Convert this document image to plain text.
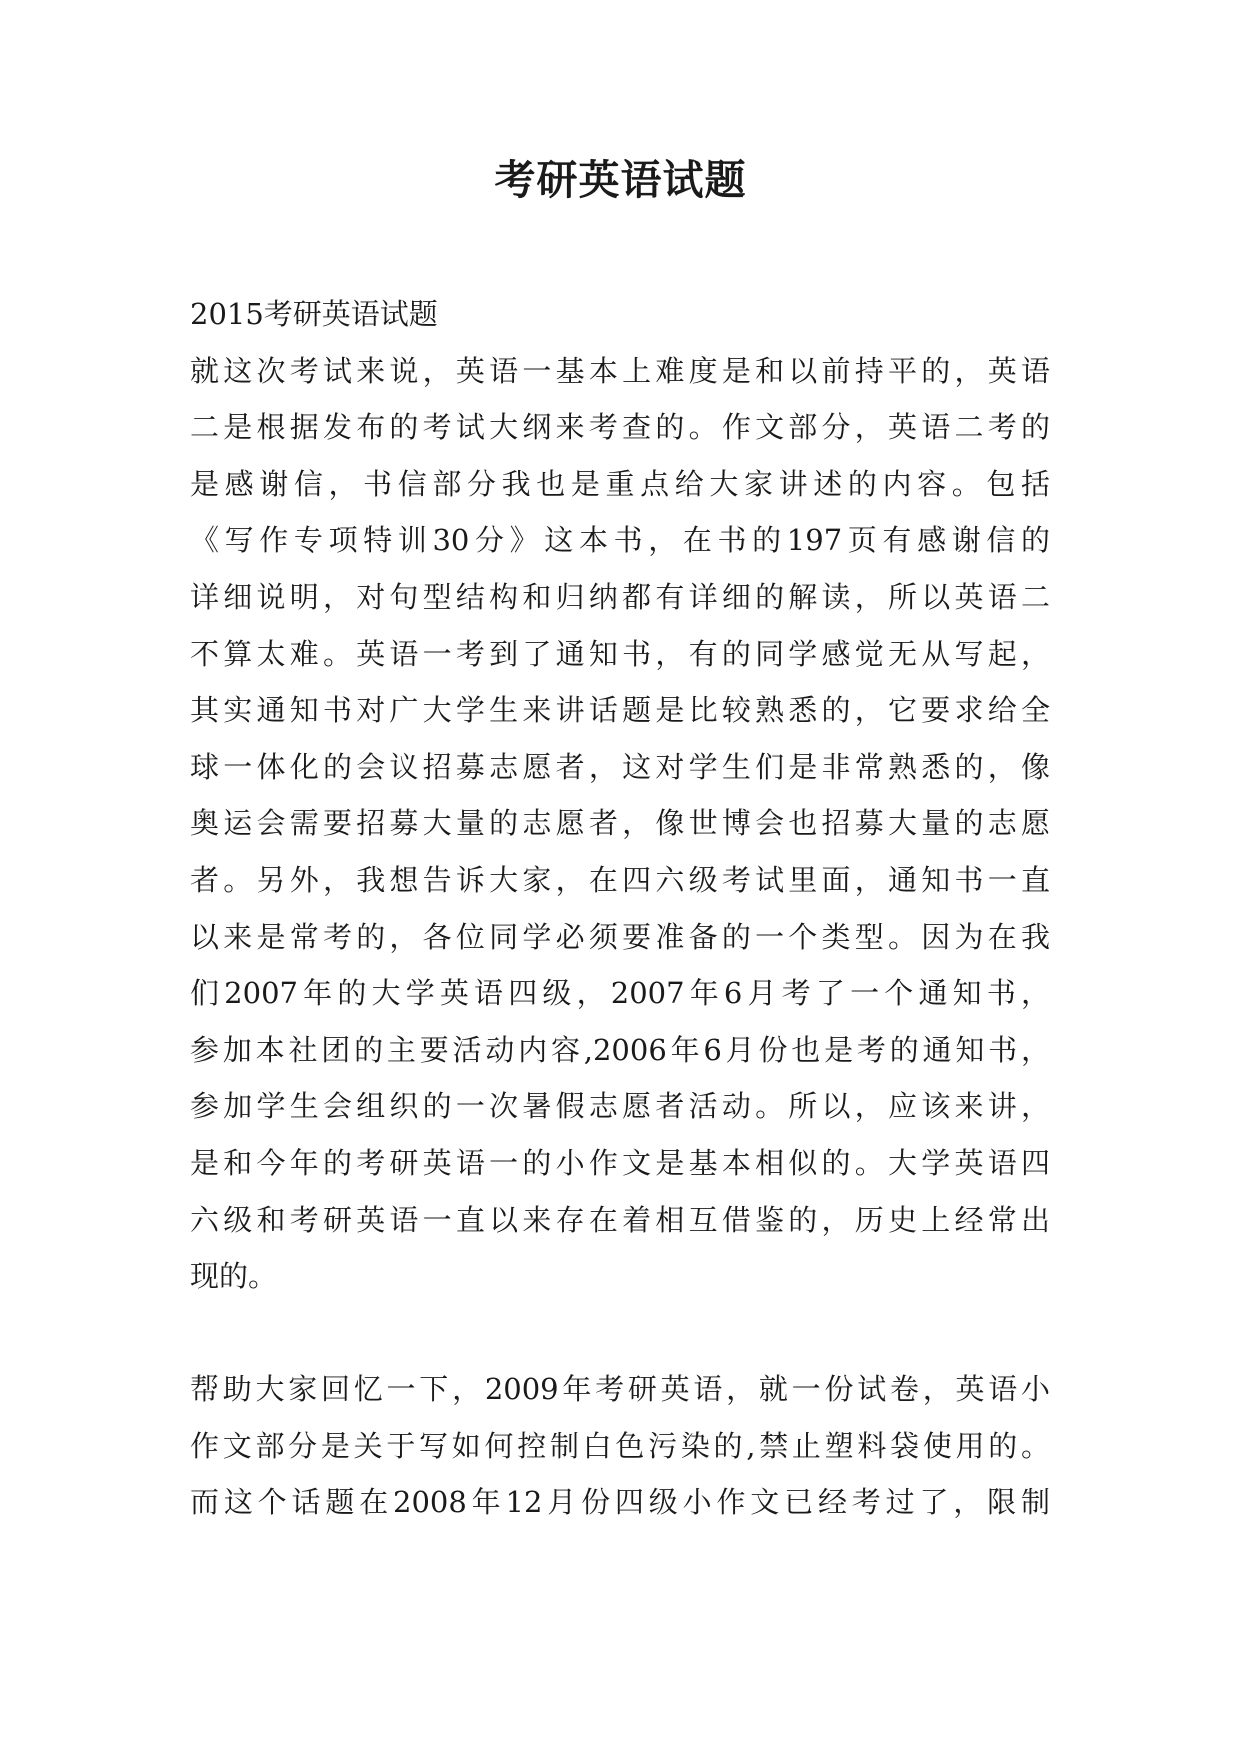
考研英语试题
2015考研英语试题
就这次考试来说，英语一基本上难度是和以前持平的，英语
二是根据发布的考试大纲来考查的。作文部分，英语二考的
是感谢信，书信部分我也是重点给大家讲述的内容。包括
《写作专项特训30分》这本书，在书的197页有感谢信的
详细说明，对句型结构和归纳都有详细的解读，所以英语二
不算太难。英语一考到了通知书，有的同学感觉无从写起，
其实通知书对广大学生来讲话题是比较熟悉的，它要求给全
球一体化的会议招募志愿者，这对学生们是非常熟悉的，像
奥运会需要招募大量的志愿者，像世博会也招募大量的志愿
者。另外，我想告诉大家，在四六级考试里面，通知书一直
以来是常考的，各位同学必须要准备的一个类型。因为在我
们2007年的大学英语四级，2007年6月考了一个通知书，
参加本社团的主要活动内容,2006年6月份也是考的通知书，
参加学生会组织的一次暑假志愿者活动。所以，应该来讲，
是和今年的考研英语一的小作文是基本相似的。大学英语四
六级和考研英语一直以来存在着相互借鉴的，历史上经常出
现的。
帮助大家回忆一下，2009年考研英语，就一份试卷，英语小
作文部分是关于写如何控制白色污染的,禁止塑料袋使用的。
而这个话题在2008年12月份四级小作文已经考过了，限制
